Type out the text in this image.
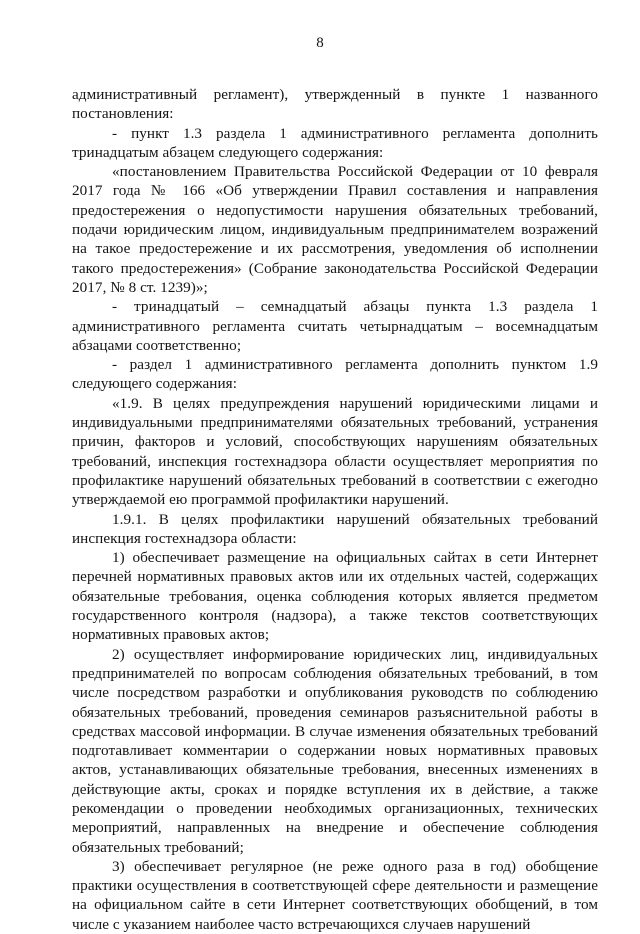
8

административный регламент), утвержденный в пункте 1 названного постановления:

- пункт 1.3 раздела 1 административного регламента дополнить тринадцатым абзацем следующего содержания:

«постановлением Правительства Российской Федерации от 10 февраля 2017 года № 166 «Об утверждении Правил составления и направления предостережения о недопустимости нарушения обязательных требований, подачи юридическим лицом, индивидуальным предпринимателем возражений на такое предостережение и их рассмотрения, уведомления об исполнении такого предостережения» (Собрание законодательства Российской Федерации 2017, № 8 ст. 1239)»;

- тринадцатый – семнадцатый абзацы пункта 1.3 раздела 1 административного регламента считать четырнадцатым – восемнадцатым абзацами соответственно;

- раздел 1 административного регламента дополнить пунктом 1.9 следующего содержания:

«1.9. В целях предупреждения нарушений юридическими лицами и индивидуальными предпринимателями обязательных требований, устранения причин, факторов и условий, способствующих нарушениям обязательных требований, инспекция гостехнадзора области осуществляет мероприятия по профилактике нарушений обязательных требований в соответствии с ежегодно утверждаемой ею программой профилактики нарушений.

1.9.1. В целях профилактики нарушений обязательных требований инспекция гостехнадзора области:

1) обеспечивает размещение на официальных сайтах в сети Интернет перечней нормативных правовых актов или их отдельных частей, содержащих обязательные требования, оценка соблюдения которых является предметом государственного контроля (надзора), а также текстов соответствующих нормативных правовых актов;

2) осуществляет информирование юридических лиц, индивидуальных предпринимателей по вопросам соблюдения обязательных требований, в том числе посредством разработки и опубликования руководств по соблюдению обязательных требований, проведения семинаров разъяснительной работы в средствах массовой информации. В случае изменения обязательных требований подготавливает комментарии о содержании новых нормативных правовых актов, устанавливающих обязательные требования, внесенных изменениях в действующие акты, сроках и порядке вступления их в действие, а также рекомендации о проведении необходимых организационных, технических мероприятий, направленных на внедрение и обеспечение соблюдения обязательных требований;

3) обеспечивает регулярное (не реже одного раза в год) обобщение практики осуществления в соответствующей сфере деятельности и размещение на официальном сайте в сети Интернет соответствующих обобщений, в том числе с указанием наиболее часто встречающихся случаев нарушений
